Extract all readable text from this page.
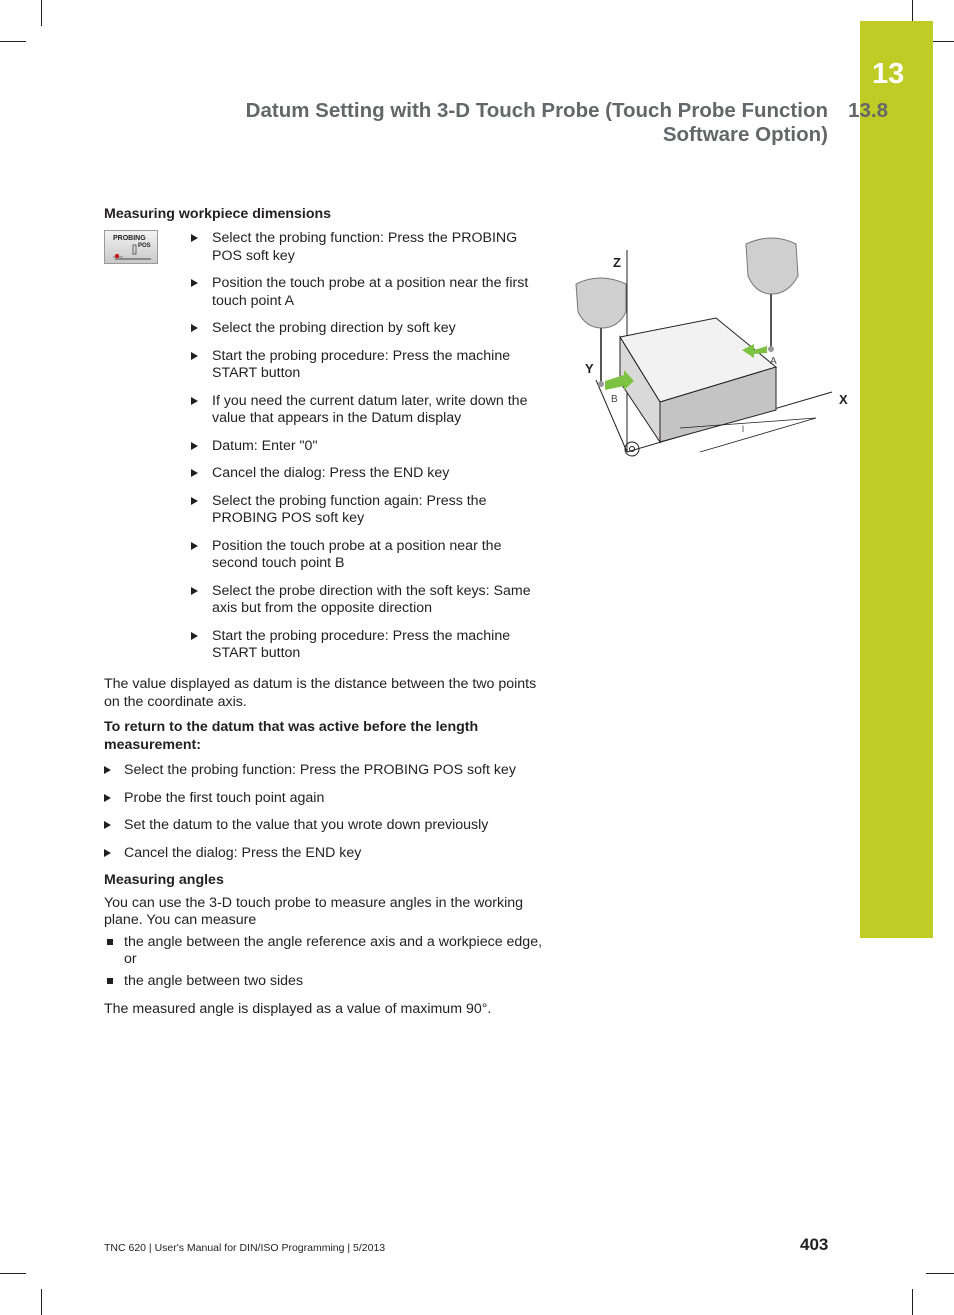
13
Datum Setting with 3-D Touch Probe (Touch Probe Function
Software Option)
13.8
PROBING
POS
Measuring workpiece dimensions
Select the probing function: Press the PROBING POS soft key
Position the touch probe at a position near the first touch point A
Select the probing direction by soft key
Start the probing procedure: Press the machine START button
If you need the current datum later, write down the value that appears in the Datum display
Datum: Enter "0"
Cancel the dialog: Press the END key
Select the probing function again: Press the PROBING POS soft key
Position the touch probe at a position near the second touch point B
Select the probe direction with the soft keys: Same axis but from the opposite direction
Start the probing procedure: Press the machine START button

The value displayed as datum is the distance between the two points on the coordinate axis.

To return to the datum that was active before the length measurement:
Select the probing function: Press the PROBING POS soft key
Probe the first touch point again
Set the datum to the value that you wrote down previously
Cancel the dialog: Press the END key
Measuring angles

You can use the 3-D touch probe to measure angles in the working plane. You can measure

the angle between the angle reference axis and a workpiece edge, or
the angle between two sides

The measured angle is displayed as a value of maximum 90°.

l
Z
Y
X
A
B
TNC 620 | User's Manual for DIN/ISO Programming | 5/2013	403
